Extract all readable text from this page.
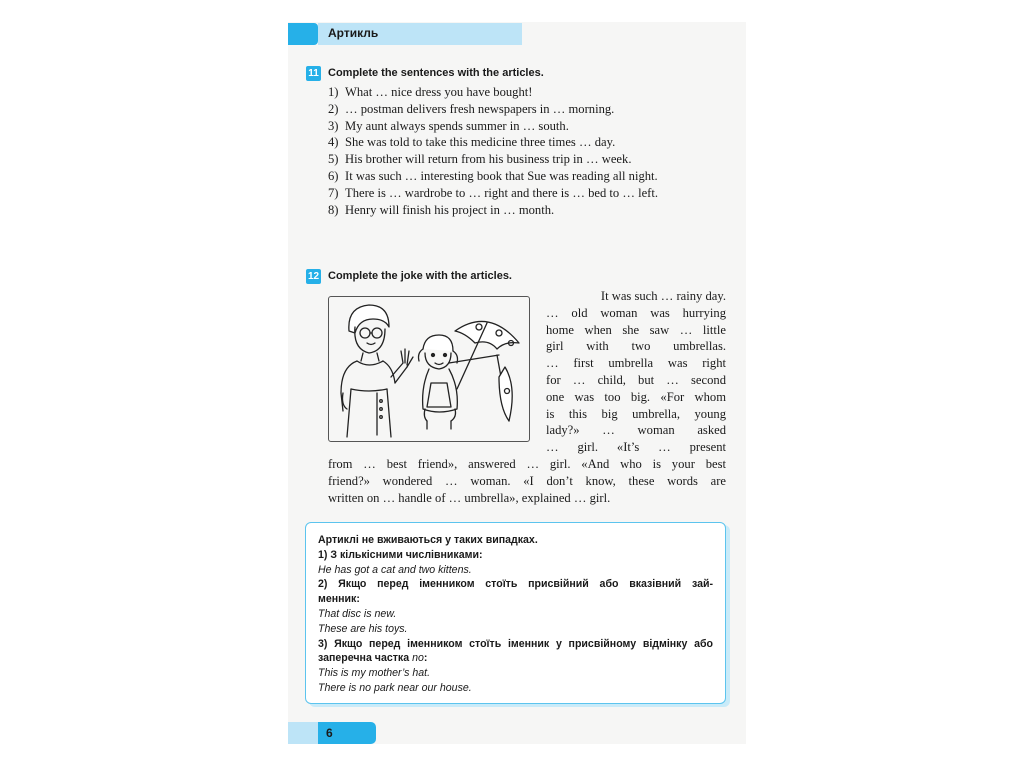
Артикль
11 Complete the sentences with the articles.
1) What … nice dress you have bought!
2) … postman delivers fresh newspapers in … morning.
3) My aunt always spends summer in … south.
4) She was told to take this medicine three times … day.
5) His brother will return from his business trip in … week.
6) It was such … interesting book that Sue was reading all night.
7) There is … wardrobe to … right and there is … bed to … left.
8) Henry will finish his project in … month.
12 Complete the joke with the articles.
It was such … rainy day.
… old woman was hurrying
home when she saw … little
girl with two umbrellas.
… first umbrella was right
for … child, but … second
one was too big. «For whom
is this big umbrella, young
lady?» … woman asked
… girl. «It’s … present
from … best friend», answered … girl. «And who is your best
friend?» wondered … woman. «I don’t know, these words are
written on … handle of … umbrella», explained … girl.
Артиклі не вживаються у таких випадках.
1) З кількісними числівниками:
He has got a cat and two kittens.
2) Якщо перед іменником стоїть присвійний або вказівний зай-
менник:
That disc is new.
These are his toys.
3) Якщо перед іменником стоїть іменник у присвійному відмінку або
заперечна частка no:
This is my mother’s hat.
There is no park near our house.
6
